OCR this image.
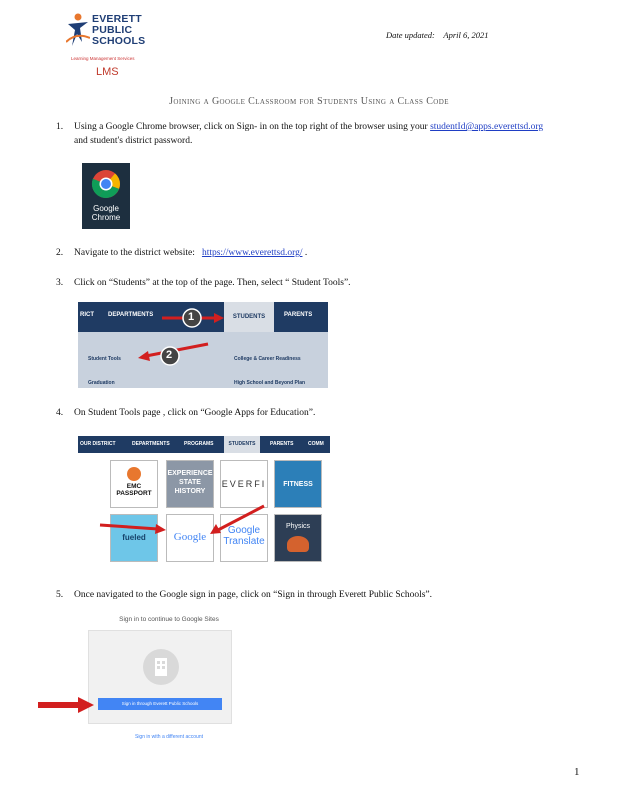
EVERETT
PUBLIC
SCHOOLS
Learning Management Services
LMS
Date updated: April 6, 2021
Joining a Google Classroom for Students Using a Class Code
1. Using a Google Chrome browser, click on Sign- in on the top right of the browser using your studentId@apps.everettsd.org and student's district password.
Google
Chrome
2. Navigate to the district website: https://www.everettsd.org/ .
3. Click on “Students” at the top of the page. Then, select “ Student Tools”.
RICT DEPARTMENTS	STUDENTS	PARENTS
Student Tools
Graduation
College & Career Readiness
High School and Beyond Plan
1
2
4. On Student Tools page , click on “Google Apps for Education”.
OUR DISTRICT	DEPARTMENTS	PROGRAMS	STUDENTS	PARENTS	COMM
EMC PASSPORT
EXPERIENCE STATE HISTORY
EVERFI	FITNESS
fueled	Google
Google Translate
Physics
5. Once navigated to the Google sign in page, click on “Sign in through Everett Public Schools”.
Sign in to continue to Google Sites
Sign in through Everett Public Schools
Sign in with a different account
1
